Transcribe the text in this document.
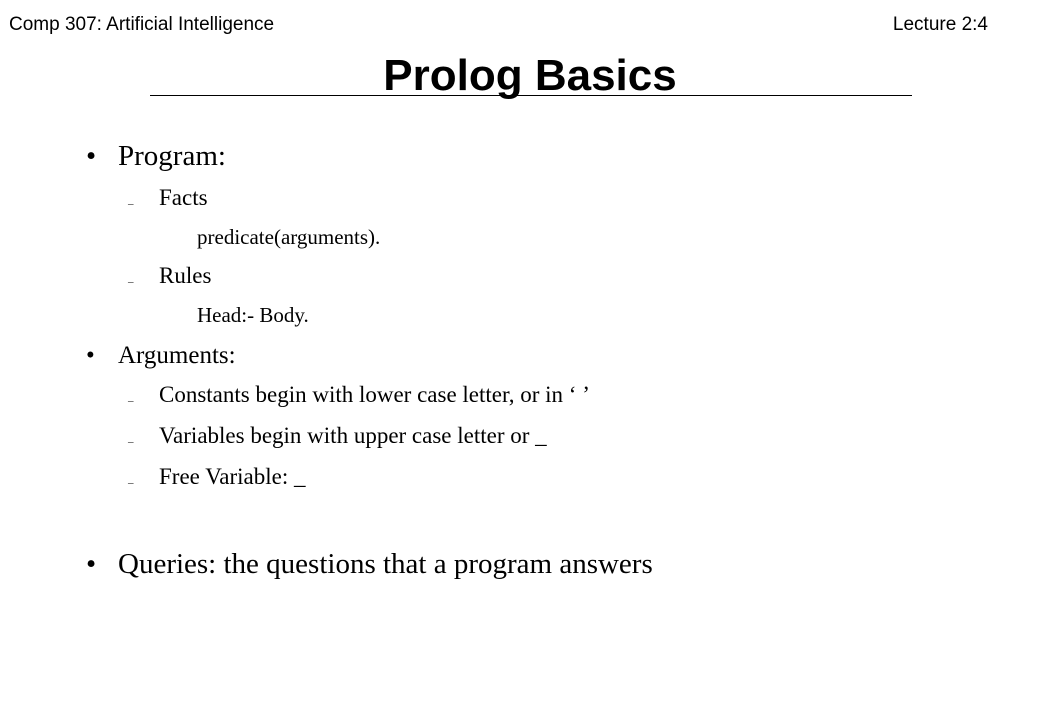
Comp 307: Artificial Intelligence	Lecture 2:4
Prolog Basics
• Program:
– Facts
predicate(arguments).
– Rules
Head:- Body.
• Arguments:
– Constants begin with lower case letter, or in ‘ ’
– Variables begin with upper case letter or _
– Free Variable: _
• Queries: the questions that a program answers
